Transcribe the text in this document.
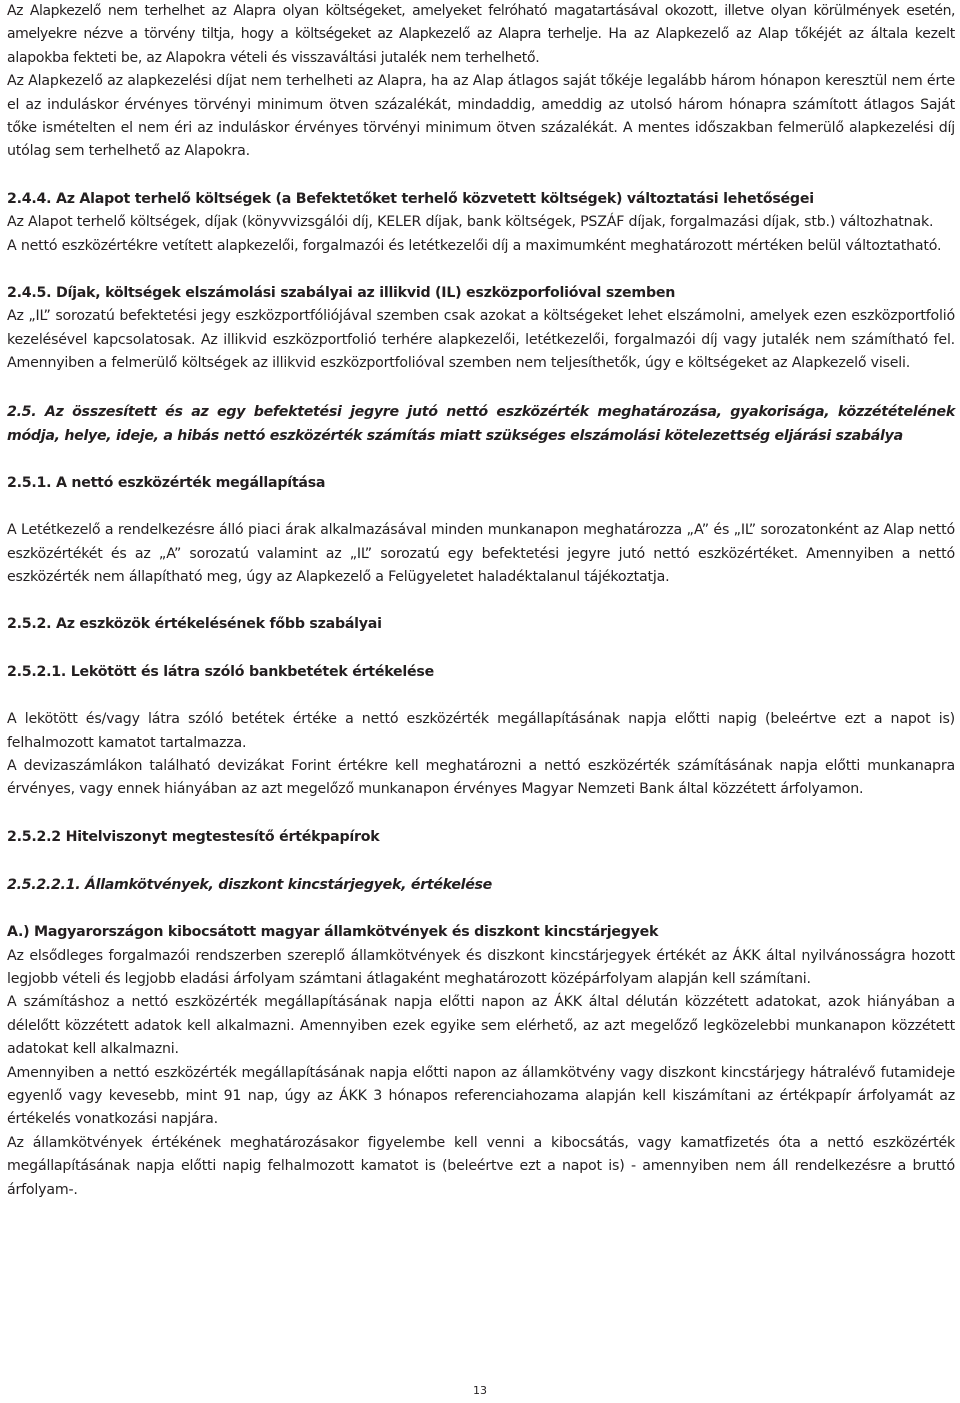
Az Alapkezelő nem terhelhet az Alapra olyan költségeket, amelyeket felróható magatartásával okozott, illetve olyan körülmények esetén, amelyekre nézve a törvény tiltja, hogy a költségeket az Alapkezelő az Alapra terhelje. Ha az Alapkezelő az Alap tőkéjét az általa kezelt alapokba fekteti be, az Alapokra vételi és visszaváltási jutalék nem terhelhető.

Az Alapkezelő az alapkezelési díjat nem terhelheti az Alapra, ha az Alap átlagos saját tőkéje legalább három hónapon keresztül nem érte el az induláskor érvényes törvényi minimum ötven százalékát, mindaddig, ameddig az utolsó három hónapra számított átlagos Saját tőke ismételten el nem éri az induláskor érvényes törvényi minimum ötven százalékát. A mentes időszakban felmerülő alapkezelési díj utólag sem terhelhető az Alapokra.

2.4.4. Az Alapot terhelő költségek (a Befektetőket terhelő közvetett költségek) változtatási lehetőségei

Az Alapot terhelő költségek, díjak (könyvvizsgálói díj, KELER díjak, bank költségek, PSZÁF díjak, forgalmazási díjak, stb.) változhatnak.

A nettó eszközértékre vetített alapkezelői, forgalmazói és letétkezelői díj a maximumként meghatározott mértéken belül változtatható.

2.4.5. Díjak, költségek elszámolási szabályai az illikvid (IL) eszközporfolióval szemben

Az „IL” sorozatú befektetési jegy eszközportfóliójával szemben csak azokat a költségeket lehet elszámolni, amelyek ezen eszközportfolió kezelésével kapcsolatosak. Az illikvid eszközportfolió terhére alapkezelői, letétkezelői, forgalmazói díj vagy jutalék nem számítható fel. Amennyiben a felmerülő költségek az illikvid eszközportfolióval szemben nem teljesíthetők, úgy e költségeket az Alapkezelő viseli.

2.5. Az összesített és az egy befektetési jegyre jutó nettó eszközérték meghatározása, gyakorisága, közzétételének módja, helye, ideje, a hibás nettó eszközérték számítás miatt szükséges elszámolási kötelezettség eljárási szabálya
2.5.1. A nettó eszközérték megállapítása

A Letétkezelő a rendelkezésre álló piaci árak alkalmazásával minden munkanapon meghatározza „A” és „IL” sorozatonként az Alap nettó eszközértékét és az „A” sorozatú valamint az „IL” sorozatú egy befektetési jegyre jutó nettó eszközértéket. Amennyiben a nettó eszközérték nem állapítható meg, úgy az Alapkezelő a Felügyeletet haladéktalanul tájékoztatja.

2.5.2. Az eszközök értékelésének főbb szabályai
2.5.2.1. Lekötött és látra szóló bankbetétek értékelése

A lekötött és/vagy látra szóló betétek értéke a nettó eszközérték megállapításának napja előtti napig (beleértve ezt a napot is) felhalmozott kamatot tartalmazza.

A devizaszámlákon található devizákat Forint értékre kell meghatározni a nettó eszközérték számításának napja előtti munkanapra érvényes, vagy ennek hiányában az azt megelőző munkanapon érvényes Magyar Nemzeti Bank által közzétett árfolyamon.

2.5.2.2 Hitelviszonyt megtestesítő értékpapírok
2.5.2.2.1. Államkötvények, diszkont kincstárjegyek, értékelése
A.) Magyarországon kibocsátott magyar államkötvények és diszkont kincstárjegyek

Az elsődleges forgalmazói rendszerben szereplő államkötvények és diszkont kincstárjegyek értékét az ÁKK által nyilvánosságra hozott legjobb vételi és legjobb eladási árfolyam számtani átlagaként meghatározott középárfolyam alapján kell számítani.

A számításhoz a nettó eszközérték megállapításának napja előtti napon az ÁKK által délután közzétett adatokat, azok hiányában a délelőtt közzétett adatok kell alkalmazni. Amennyiben ezek egyike sem elérhető, az azt megelőző legközelebbi munkanapon közzétett adatokat kell alkalmazni.

Amennyiben a nettó eszközérték megállapításának napja előtti napon az államkötvény vagy diszkont kincstárjegy hátralévő futamideje egyenlő vagy kevesebb, mint 91 nap, úgy az ÁKK 3 hónapos referenciahozama alapján kell kiszámítani az értékpapír árfolyamát az értékelés vonatkozási napjára.

Az államkötvények értékének meghatározásakor figyelembe kell venni a kibocsátás, vagy kamatfizetés óta a nettó eszközérték megállapításának napja előtti napig felhalmozott kamatot is (beleértve ezt a napot is) - amennyiben nem áll rendelkezésre a bruttó árfolyam-.

13
